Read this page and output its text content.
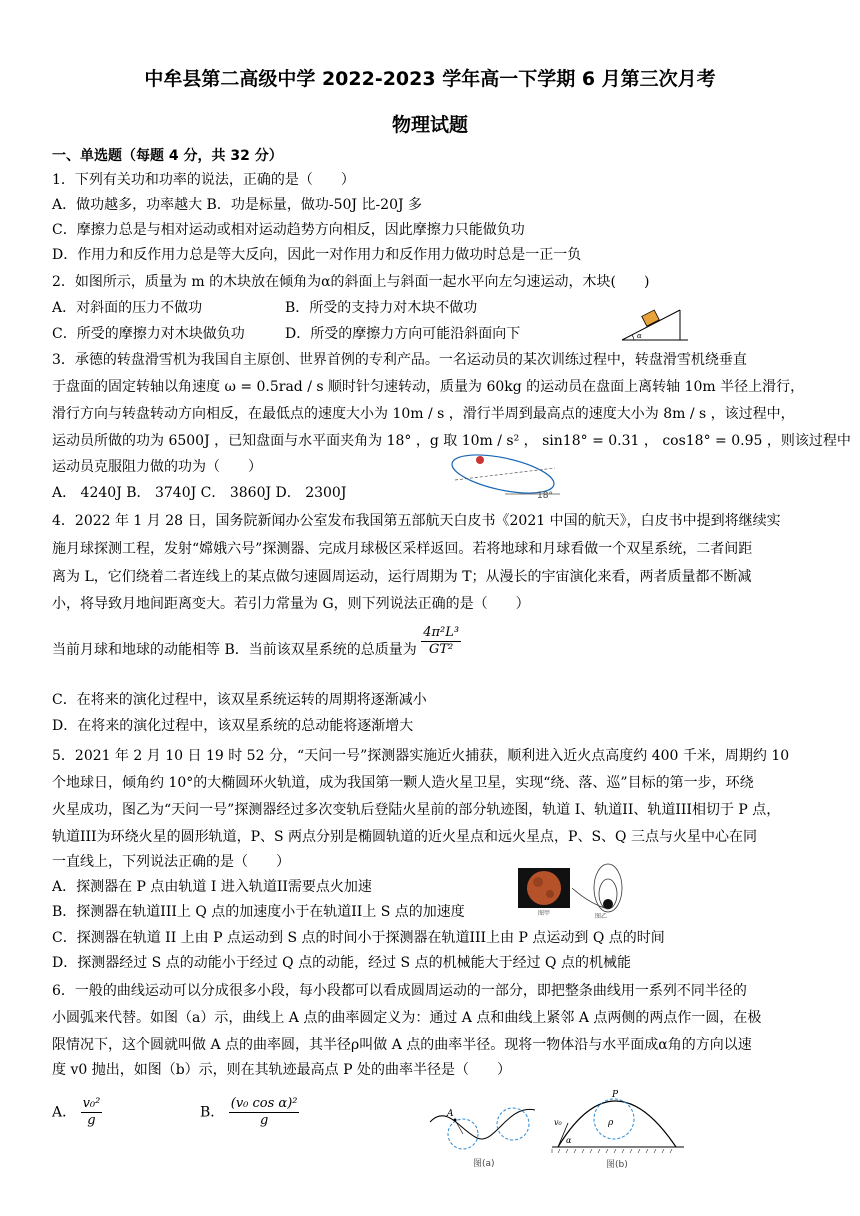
中牟县第二高级中学 2022-2023 学年高一下学期 6 月第三次月考
物理试题
一、单选题（每题 4 分，共 32 分）
1．下列有关功和功率的说法，正确的是（　　）
A．做功越多，功率越大 B．功是标量，做功-50J 比-20J 多
C．摩擦力总是与相对运动或相对运动趋势方向相反，因此摩擦力只能做负功
D．作用力和反作用力总是等大反向，因此一对作用力和反作用力做功时总是一正一负
2．如图所示，质量为 m 的木块放在倾角为α的斜面上与斜面一起水平向左匀速运动，木块(　　)
A．对斜面的压力不做功	B．所受的支持力对木块不做功
C．所受的摩擦力对木块做负功	D．所受的摩擦力方向可能沿斜面向下	α
3．承德的转盘滑雪机为我国自主原创、世界首例的专利产品。一名运动员的某次训练过程中，转盘滑雪机绕垂直
于盘面的固定转轴以角速度 ω = 0.5rad / s 顺时针匀速转动，质量为 60kg 的运动员在盘面上离转轴 10m 半径上滑行，
滑行方向与转盘转动方向相反，在最低点的速度大小为 10m / s ，滑行半周到最高点的速度大小为 8m / s ，该过程中，
运动员所做的功为 6500J ，已知盘面与水平面夹角为 18° ，g 取 10m / s² ， sin18° = 0.31 ， cos18° = 0.95 ，则该过程中
运动员克服阻力做的功为（　　）
A． 4240J B． 3740J C． 3860J D． 2300J	18°
4．2022 年 1 月 28 日，国务院新闻办公室发布我国第五部航天白皮书《2021 中国的航天》，白皮书中提到将继续实
施月球探测工程，发射“嫦娥六号”探测器、完成月球极区采样返回。若将地球和月球看做一个双星系统，二者间距
离为 L，它们绕着二者连线上的某点做匀速圆周运动，运行周期为 T；从漫长的宇宙演化来看，两者质量都不断减
小，将导致月地间距离变大。若引力常量为 G，则下列说法正确的是（　　）
当前月球和地球的动能相等 B．当前该双星系统的总质量为 $\frac{\text{4π²L³}}{\text{GT²}}$
C．在将来的演化过程中，该双星系统运转的周期将逐渐减小
D．在将来的演化过程中，该双星系统的总动能将逐渐增大
5．2021 年 2 月 10 日 19 时 52 分，“天问一号”探测器实施近火捕获，顺利进入近火点高度约 400 千米，周期约 10
个地球日，倾角约 10°的大椭圆环火轨道，成为我国第一颗人造火星卫星，实现“绕、落、巡”目标的第一步，环绕
火星成功，图乙为“天问一号”探测器经过多次变轨后登陆火星前的部分轨迹图，轨道 I、轨道II、轨道III相切于 P 点，
轨道III为环绕火星的圆形轨道，P、S 两点分别是椭圆轨道的近火星点和远火星点，P、S、Q 三点与火星中心在同
一直线上，下列说法正确的是（　　）
A．探测器在 P 点由轨道 I 进入轨道II需要点火加速
B．探测器在轨道III上 Q 点的加速度小于在轨道II上 S 点的加速度
C．探测器在轨道 II 上由 P 点运动到 S 点的时间小于探测器在轨道III上由 P 点运动到 Q 点的时间
D．探测器经过 S 点的动能小于经过 Q 点的动能，经过 S 点的机械能大于经过 Q 点的机械能
图甲	图乙
6．一般的曲线运动可以分成很多小段，每小段都可以看成圆周运动的一部分，即把整条曲线用一系列不同半径的
小圆弧来代替。如图（a）示，曲线上 A 点的曲率圆定义为：通过 A 点和曲线上紧邻 A 点两侧的两点作一圆，在极
限情况下，这个圆就叫做 A 点的曲率圆，其半径ρ叫做 A 点的曲率半径。现将一物体沿与水平面成α角的方向以速
度 v0 抛出，如图（b）示，则在其轨迹最高点 P 处的曲率半径是（　　）
A． $\frac{\text{v₀²}}{g}$	B． $\frac{\text{(v₀ cos α)²}}{g}$	A
图(a)
v₀
α
P
ρ
图(b)
